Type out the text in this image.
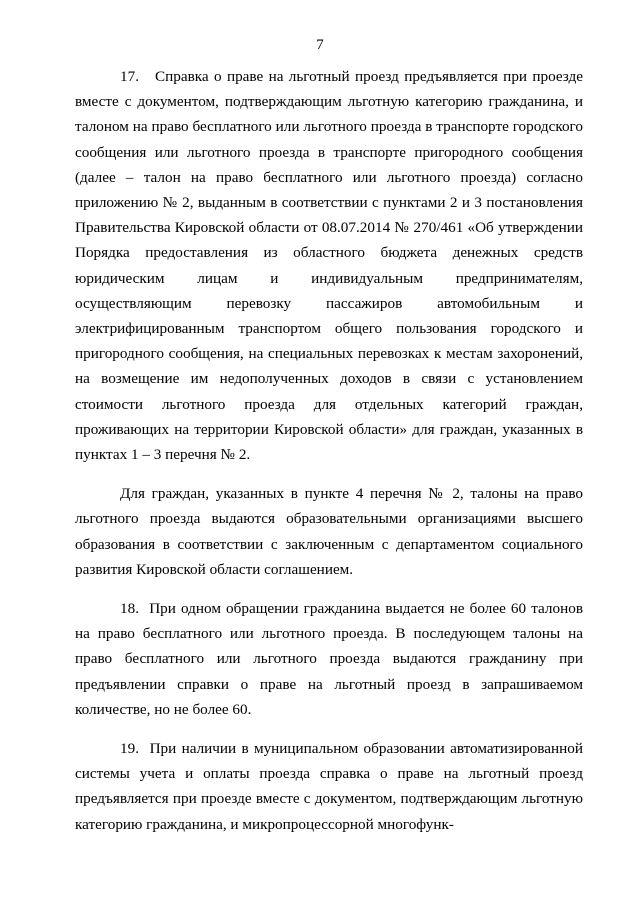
7

17.   Справка о праве на льготный проезд предъявляется при проезде вместе с документом, подтверждающим льготную категорию гражданина, и талоном на право бесплатного или льготного проезда в транспорте городского сообщения или льготного проезда в транспорте пригородного сообщения (далее – талон на право бесплатного или льготного проезда) согласно приложению № 2, выданным в соответствии с пунктами 2 и 3 постановления Правительства Кировской области от 08.07.2014 № 270/461 «Об утверждении Порядка предоставления из областного бюджета денежных средств юридическим лицам и индивидуальным предпринимателям, осуществляющим перевозку пассажиров автомобильным и электрифицированным транспортом общего пользования городского и пригородного сообщения, на специальных перевозках к местам захоронений, на возмещение им недополученных доходов в связи с установлением стоимости льготного проезда для отдельных категорий граждан, проживающих на территории Кировской области» для граждан, указанных в пунктах 1 – 3 перечня № 2.

Для граждан, указанных в пункте 4 перечня № 2, талоны на право льготного проезда выдаются образовательными организациями высшего образования в соответствии с заключенным с департаментом социального развития Кировской области соглашением.

18.  При одном обращении гражданина выдается не более 60 талонов на право бесплатного или льготного проезда. В последующем талоны на право бесплатного или льготного проезда выдаются гражданину при предъявлении справки о праве на льготный проезд в запрашиваемом количестве, но не более 60.

19.  При наличии в муниципальном образовании автоматизированной системы учета и оплаты проезда справка о праве на льготный проезд предъявляется при проезде вместе с документом, подтверждающим льготную категорию гражданина, и микропроцессорной многофунк-
